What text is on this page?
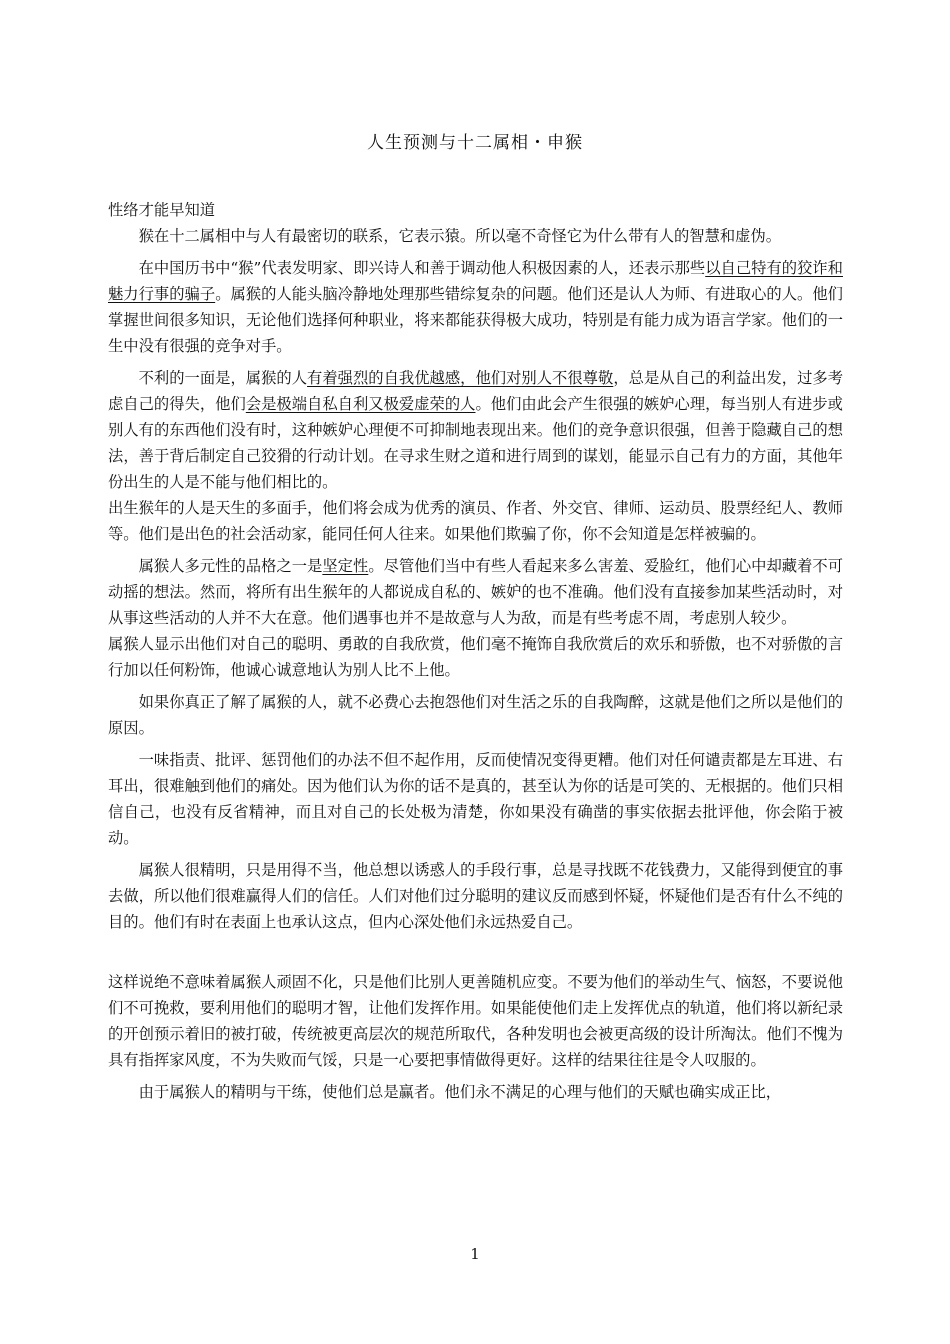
人生预测与十二属相・申猴

性络才能早知道

猴在十二属相中与人有最密切的联系，它表示猿。所以毫不奇怪它为什么带有人的智慧和虚伪。

在中国历书中“猴”代表发明家、即兴诗人和善于调动他人积极因素的人，还表示那些以自己特有的狡诈和魅力行事的骗子。属猴的人能头脑冷静地处理那些错综复杂的问题。他们还是认人为师、有进取心的人。他们掌握世间很多知识，无论他们选择何种职业，将来都能获得极大成功，特别是有能力成为语言学家。他们的一生中没有很强的竞争对手。

不利的一面是，属猴的人有着强烈的自我优越感，他们对别人不很尊敬，总是从自己的利益出发，过多考虑自己的得失，他们会是极端自私自利又极爱虚荣的人。他们由此会产生很强的嫉妒心理，每当别人有进步或别人有的东西他们没有时，这种嫉妒心理便不可抑制地表现出来。他们的竞争意识很强，但善于隐藏自己的想法，善于背后制定自己狡猾的行动计划。在寻求生财之道和进行周到的谋划，能显示自己有力的方面，其他年份出生的人是不能与他们相比的。

出生猴年的人是天生的多面手，他们将会成为优秀的演员、作者、外交官、律师、运动员、股票经纪人、教师等。他们是出色的社会活动家，能同任何人往来。如果他们欺骗了你，你不会知道是怎样被骗的。

属猴人多元性的品格之一是坚定性。尽管他们当中有些人看起来多么害羞、爱脸红，他们心中却藏着不可动摇的想法。然而，将所有出生猴年的人都说成自私的、嫉妒的也不准确。他们没有直接参加某些活动时，对从事这些活动的人并不大在意。他们遇事也并不是故意与人为敌，而是有些考虑不周，考虑别人较少。

属猴人显示出他们对自己的聪明、勇敢的自我欣赏，他们毫不掩饰自我欣赏后的欢乐和骄傲，也不对骄傲的言行加以任何粉饰，他诚心诚意地认为别人比不上他。

如果你真正了解了属猴的人，就不必费心去抱怨他们对生活之乐的自我陶醉，这就是他们之所以是他们的原因。

一味指责、批评、惩罚他们的办法不但不起作用，反而使情况变得更糟。他们对任何谴责都是左耳进、右耳出，很难触到他们的痛处。因为他们认为你的话不是真的，甚至认为你的话是可笑的、无根据的。他们只相信自己，也没有反省精神，而且对自己的长处极为清楚，你如果没有确凿的事实依据去批评他，你会陷于被动。

属猴人很精明，只是用得不当，他总想以诱惑人的手段行事，总是寻找既不花钱费力，又能得到便宜的事去做，所以他们很难赢得人们的信任。人们对他们过分聪明的建议反而感到怀疑，怀疑他们是否有什么不纯的目的。他们有时在表面上也承认这点，但内心深处他们永远热爱自己。

这样说绝不意味着属猴人顽固不化，只是他们比别人更善随机应变。不要为他们的举动生气、恼怒，不要说他们不可挽救，要利用他们的聪明才智，让他们发挥作用。如果能使他们走上发挥优点的轨道，他们将以新纪录的开创预示着旧的被打破，传统被更高层次的规范所取代，各种发明也会被更高级的设计所淘汰。他们不愧为具有指挥家风度，不为失败而气馁，只是一心要把事情做得更好。这样的结果往往是令人叹服的。

由于属猴人的精明与干练，使他们总是赢者。他们永不满足的心理与他们的天赋也确实成正比，

1
